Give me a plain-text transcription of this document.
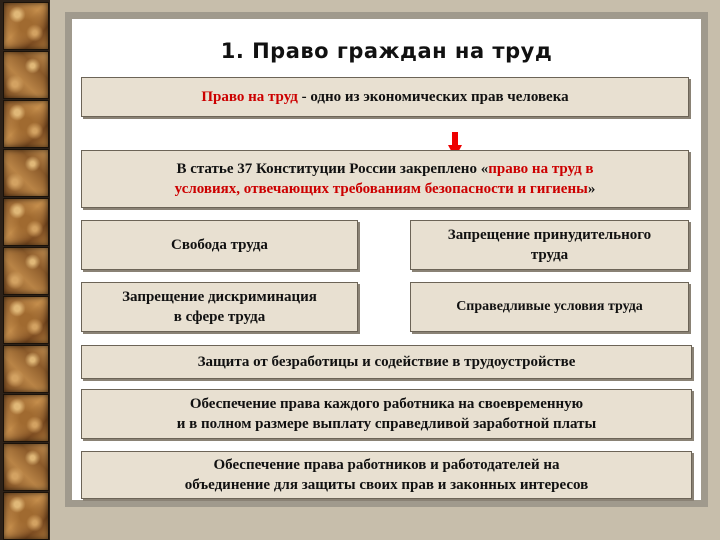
1. Право граждан на труд
Право на труд - одно из экономических прав человека
В статье 37 Конституции России закреплено «право на труд в
условиях, отвечающих требованиям безопасности и гигиены»
Свобода труда
Запрещение принудительного
труда
Запрещение дискриминация
в сфере труда
Справедливые условия труда
Защита от безработицы и содействие в трудоустройстве
Обеспечение права каждого работника на своевременную
и в полном размере выплату справедливой заработной платы
Обеспечение права работников и работодателей на
объединение для защиты своих прав и законных интересов
